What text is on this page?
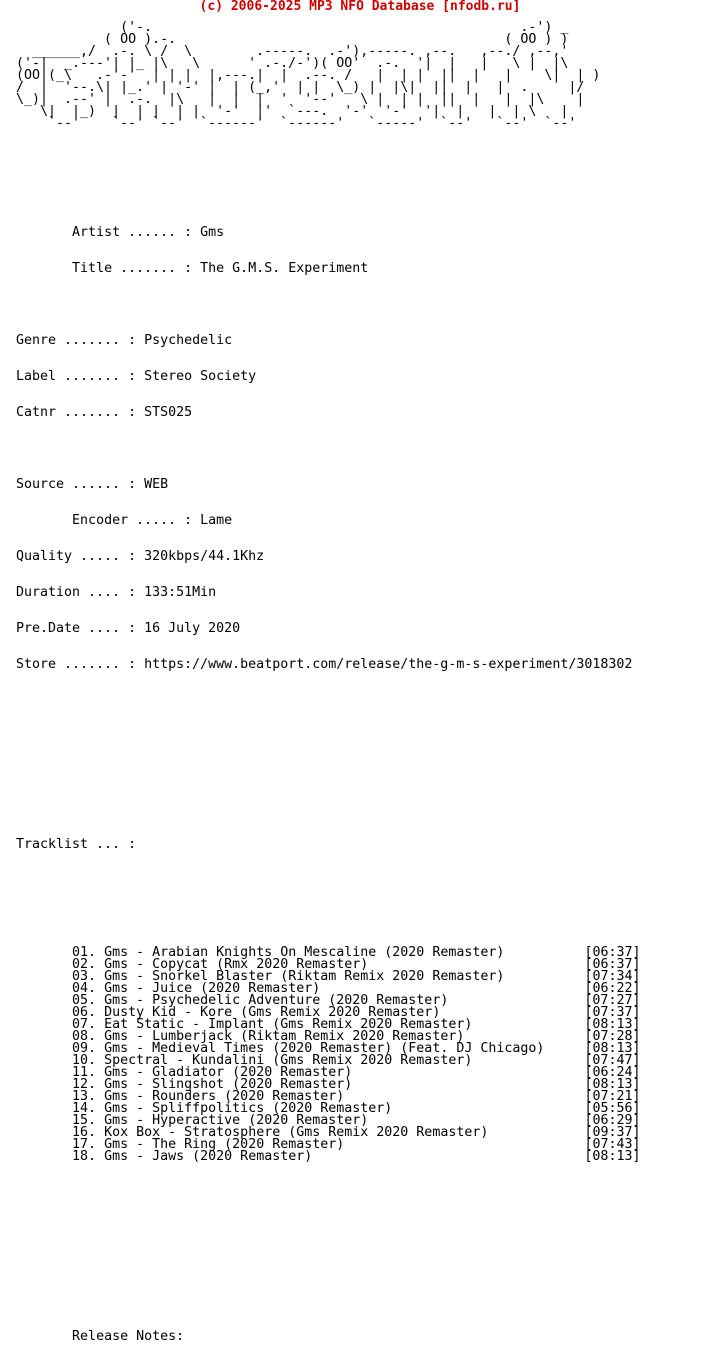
(c) 2006-2025 MP3 NFO Database [nfodb.ru]
('-.                                              .-') _
( OO ).-.                                         ( OO ) )
______,/  .-. \ /  \        .-----.  .-'),-----. ,--.   ,--./ ,--,'
('-|  _.---'| |_ |\   \      ' .-./-')( OO'  .-.  '|  |   |   \ |  |\
(OO|(_\   .-'-'  | | |  |,---.|  |  .--. /   |  | |  ||  |   |    \|  | )
/  |  '--.\| |_.' | '-' |  | (_,'  | |  \_) |  |\|  ||  |   |  .     |/
\_)|  .--' |  .-.  |\   |  |  |  '  '--'   \ |  | |  ||  |   |  |\    |
\|  |_)  |  | |  | |  '-'  |'  `---.  '-'  '-'  '|  |   |  | \   |
`--'    `--' `--'  `------'  `------'   `-----'  `--'   `--'  `--'

Artist ...... : Gms

Title ....... : The G.M.S. Experiment

Genre ....... : Psychedelic

Label ....... : Stereo Society

Catnr ....... : STS025

Source ...... : WEB

Encoder ..... : Lame

Quality ..... : 320kbps/44.1Khz

Duration .... : 133:51Min

Pre.Date .... : 16 July 2020

Store ....... : https://www.beatport.com/release/the-g-m-s-experiment/3018302

Tracklist ... :

01. Gms - Arabian Knights On Mescaline (2020 Remaster)	[06:37]
02. Gms - Copycat (Rmx 2020 Remaster)	[06:37]
03. Gms - Snorkel Blaster (Riktam Remix 2020 Remaster)	[07:34]
04. Gms - Juice (2020 Remaster)	[06:22]
05. Gms - Psychedelic Adventure (2020 Remaster)	[07:27]
06. Dusty Kid - Kore (Gms Remix 2020 Remaster)	[07:37]
07. Eat Static - Implant (Gms Remix 2020 Remaster)	[08:13]
08. Gms - Lumberjack (Riktam Remix 2020 Remaster)	[07:28]
09. Gms - Medieval Times (2020 Remaster) (Feat. DJ Chicago)	[08:13]
10. Spectral - Kundalini (Gms Remix 2020 Remaster)	[07:47]
11. Gms - Gladiator (2020 Remaster)	[06:24]
12. Gms - Slingshot (2020 Remaster)	[08:13]
13. Gms - Rounders (2020 Remaster)	[07:21]
14. Gms - Spliffpolitics (2020 Remaster)	[05:56]
15. Gms - Hyperactive (2020 Remaster)	[06:29]
16. Kox Box - Stratosphere (Gms Remix 2020 Remaster)	[09:37]
17. Gms - The Ring (2020 Remaster)	[07:43]
18. Gms - Jaws (2020 Remaster)	[08:13]

Release Notes:
